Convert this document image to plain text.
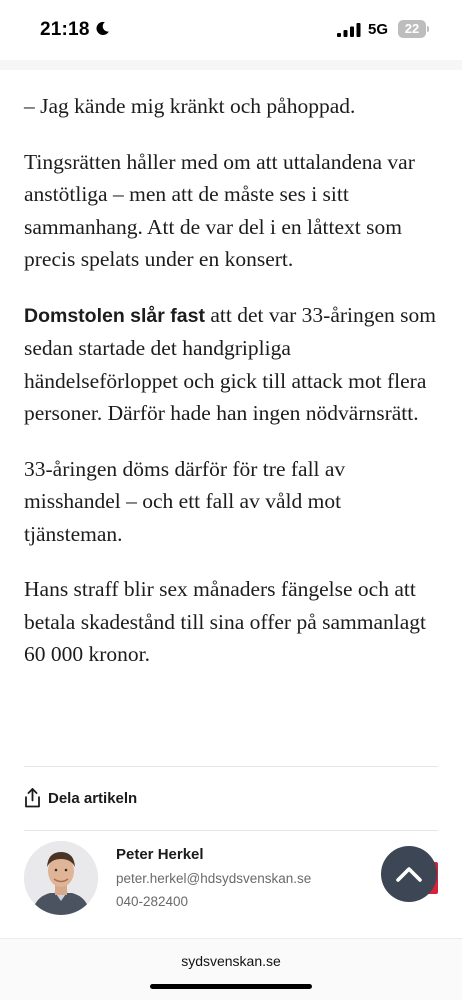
21:18	5G	22

– Jag kände mig kränkt och påhoppad.

Tingsrätten håller med om att uttalandena var anstötliga – men att de måste ses i sitt sammanhang. Att de var del i en låttext som precis spelats under en konsert.

Domstolen slår fast att det var 33-åringen som sedan startade det handgripliga händelseförloppet och gick till attack mot flera personer. Därför hade han ingen nödvärnsrätt.

33-åringen döms därför för tre fall av misshandel – och ett fall av våld mot tjänsteman.

Hans straff blir sex månaders fängelse och att betala skadestånd till sina offer på sammanlagt 60 000 kronor.

Dela artikeln
Peter Herkel
peter.herkel@hdsydsvenskan.se
040-282400
sydsvenskan.se
